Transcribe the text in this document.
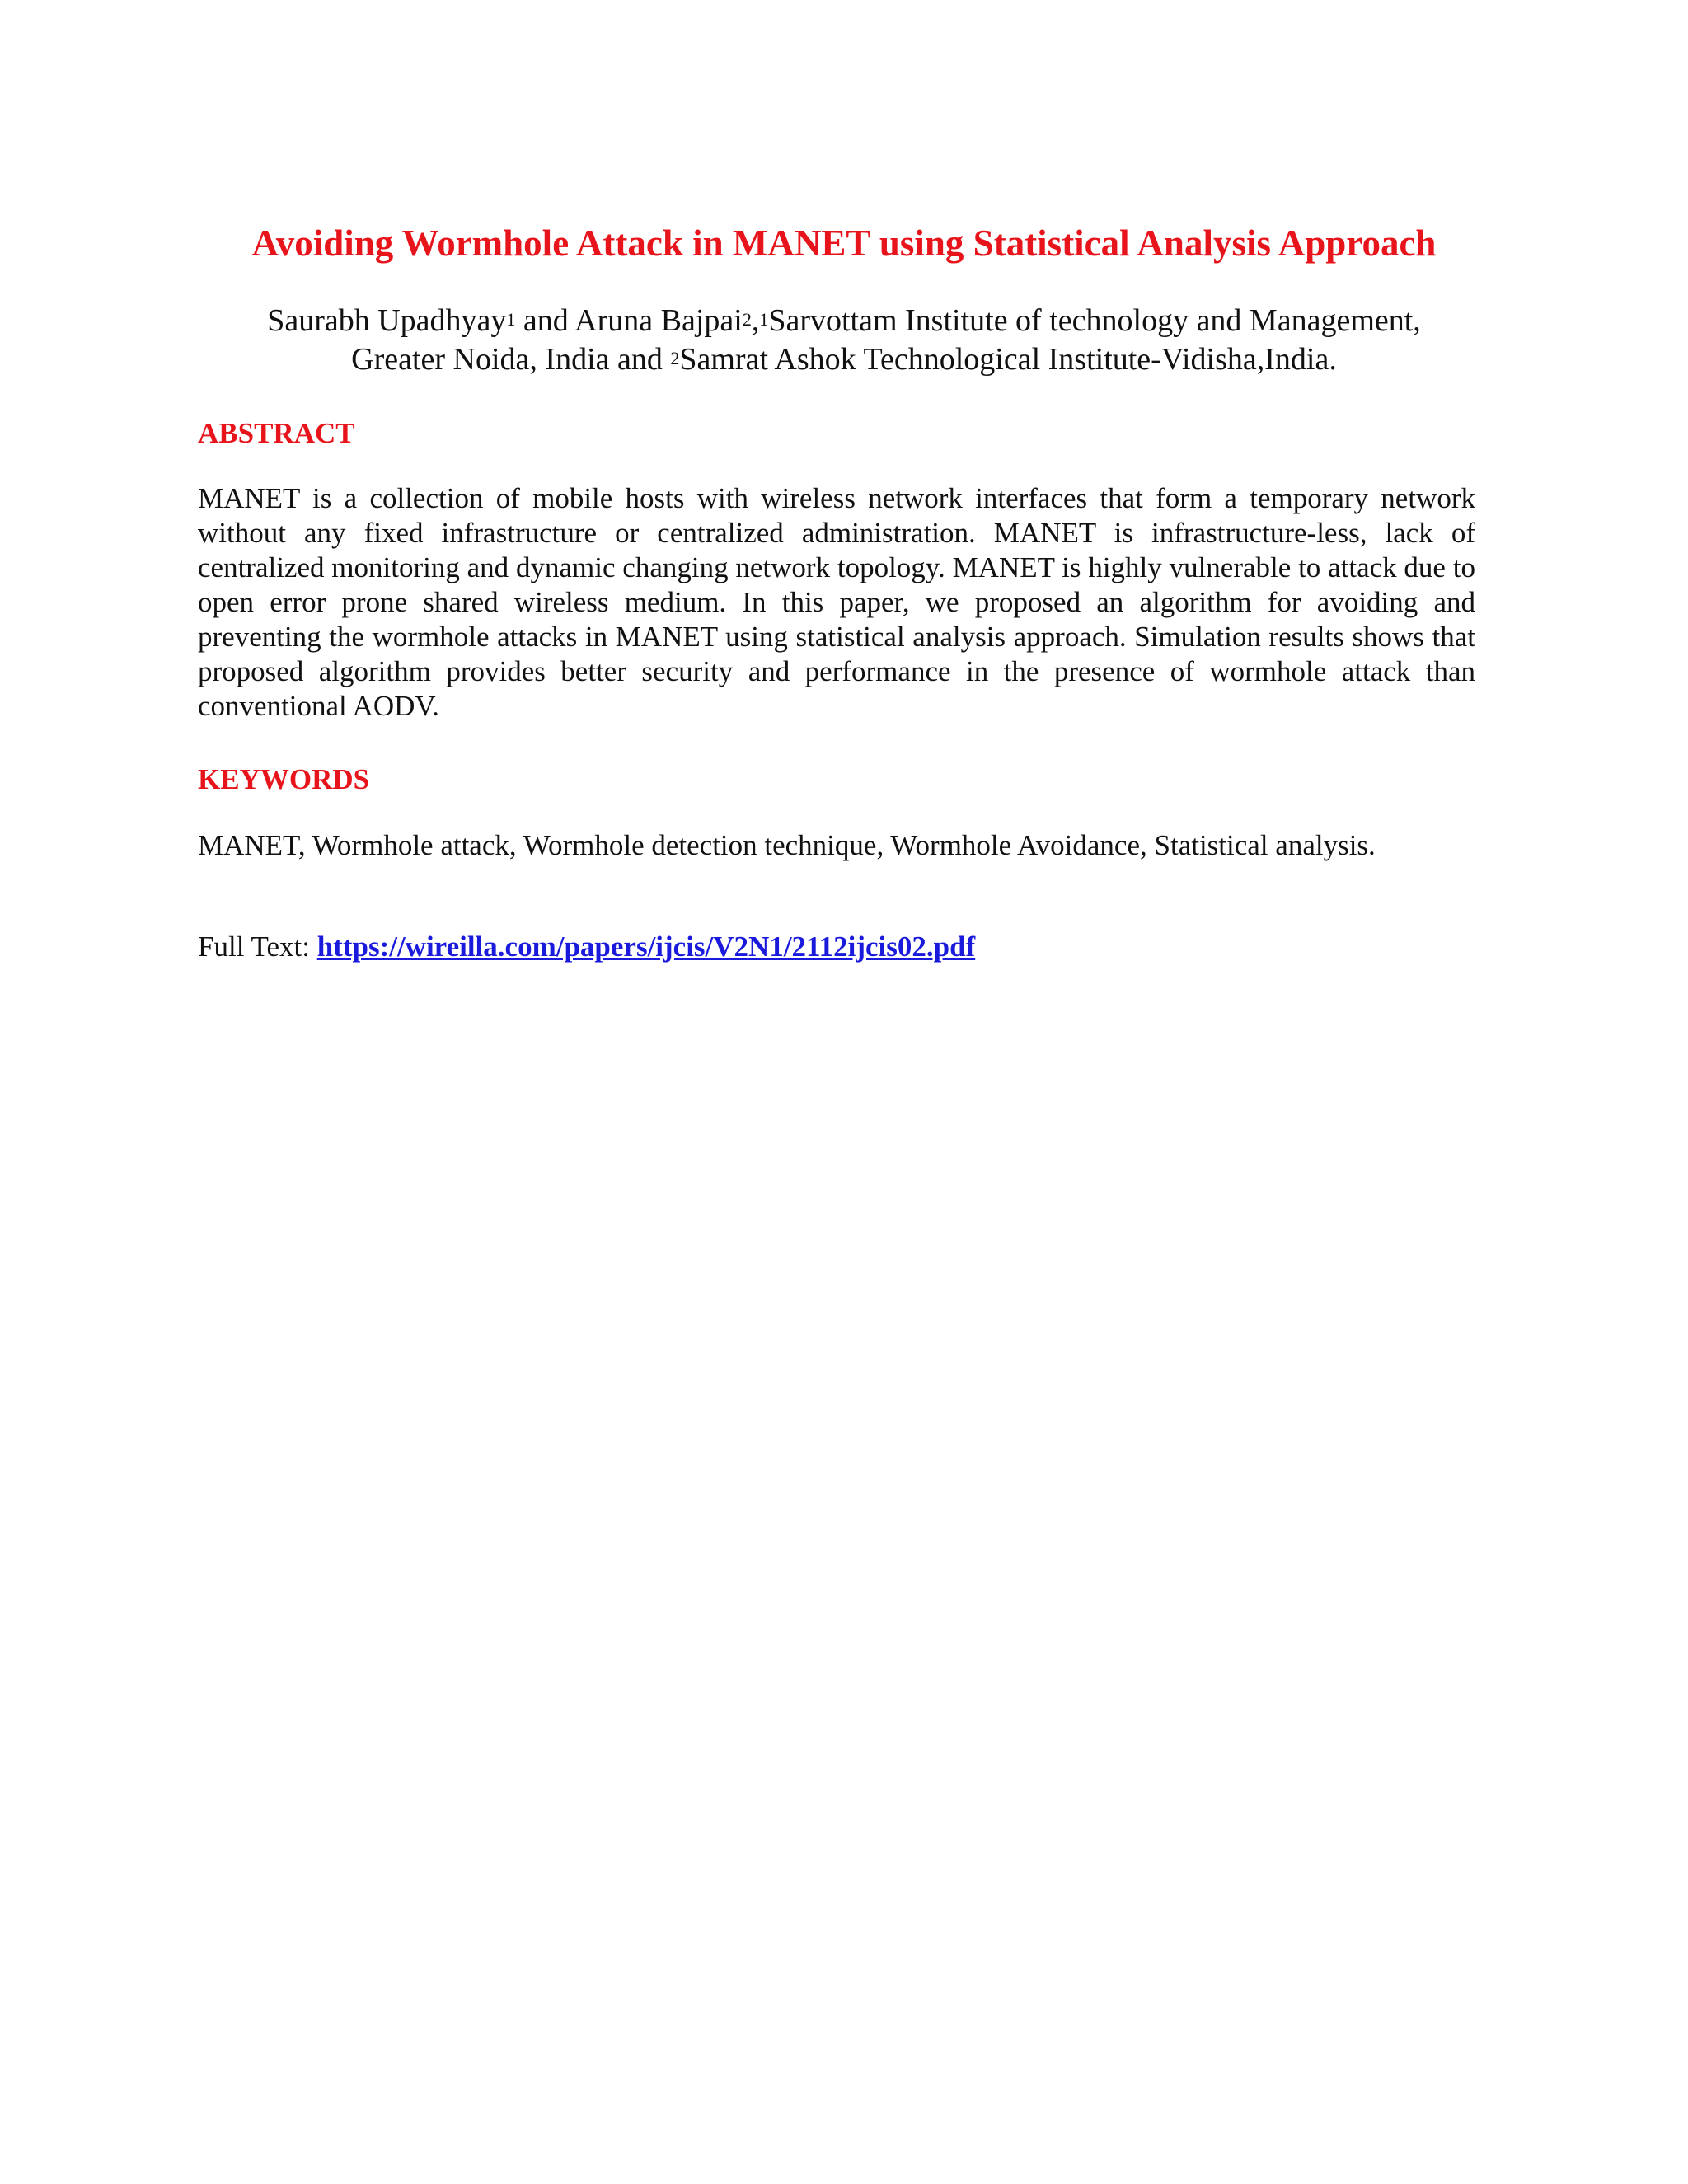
Avoiding Wormhole Attack in MANET using Statistical Analysis Approach
Saurabh Upadhyay$^1$ and Aruna Bajpai$^2$,$^1$Sarvottam Institute of technology and Management,
Greater Noida, India and $^2$Samrat Ashok Technological Institute-Vidisha,India.
ABSTRACT
MANET is a collection of mobile hosts with wireless network interfaces that form a temporary network without any fixed infrastructure or centralized administration. MANET is infrastructure-less, lack of centralized monitoring and dynamic changing network topology. MANET is highly vulnerable to attack due to open error prone shared wireless medium. In this paper, we proposed an algorithm for avoiding and preventing the wormhole attacks in MANET using statistical analysis approach. Simulation results shows that proposed algorithm provides better security and performance in the presence of wormhole attack than conventional AODV.
KEYWORDS
MANET, Wormhole attack, Wormhole detection technique, Wormhole Avoidance, Statistical analysis.
Full Text: https://wireilla.com/papers/ijcis/V2N1/2112ijcis02.pdf
